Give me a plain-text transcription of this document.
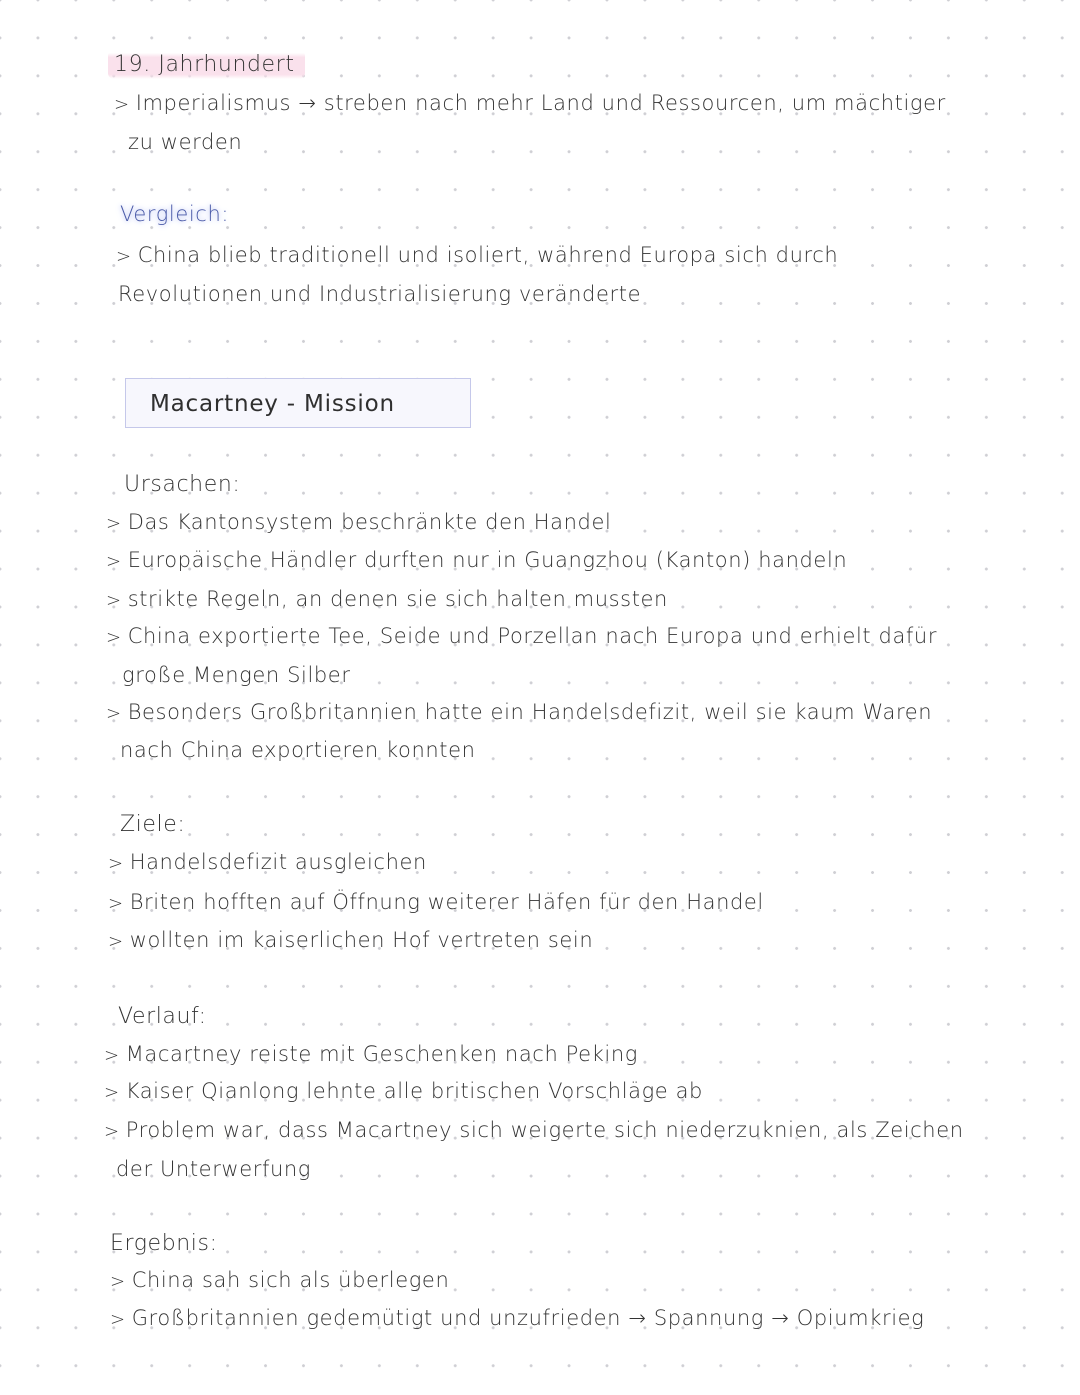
19. Jahrhundert
> Imperialismus → streben nach mehr Land und Ressourcen, um mächtiger
zu werden
Vergleich:
> China blieb traditionell und isoliert, während Europa sich durch
Revolutionen und Industrialisierung veränderte
Macartney - Mission
Ursachen:
> Das Kantonsystem beschränkte den Handel
> Europäische Händler durften nur in Guangzhou (Kanton) handeln
> strikte Regeln, an denen sie sich halten mussten
> China exportierte Tee, Seide und Porzellan nach Europa und erhielt dafür
große Mengen Silber
> Besonders Großbritannien hatte ein Handelsdefizit, weil sie kaum Waren
nach China exportieren konnten
Ziele:
> Handelsdefizit ausgleichen
> Briten hofften auf Öffnung weiterer Häfen für den Handel
> wollten im kaiserlichen Hof vertreten sein
Verlauf:
> Macartney reiste mit Geschenken nach Peking
> Kaiser Qianlong lehnte alle britischen Vorschläge ab
> Problem war, dass Macartney sich weigerte sich niederzuknien, als Zeichen
der Unterwerfung
Ergebnis:
> China sah sich als überlegen
> Großbritannien gedemütigt und unzufrieden → Spannung → Opiumkrieg
